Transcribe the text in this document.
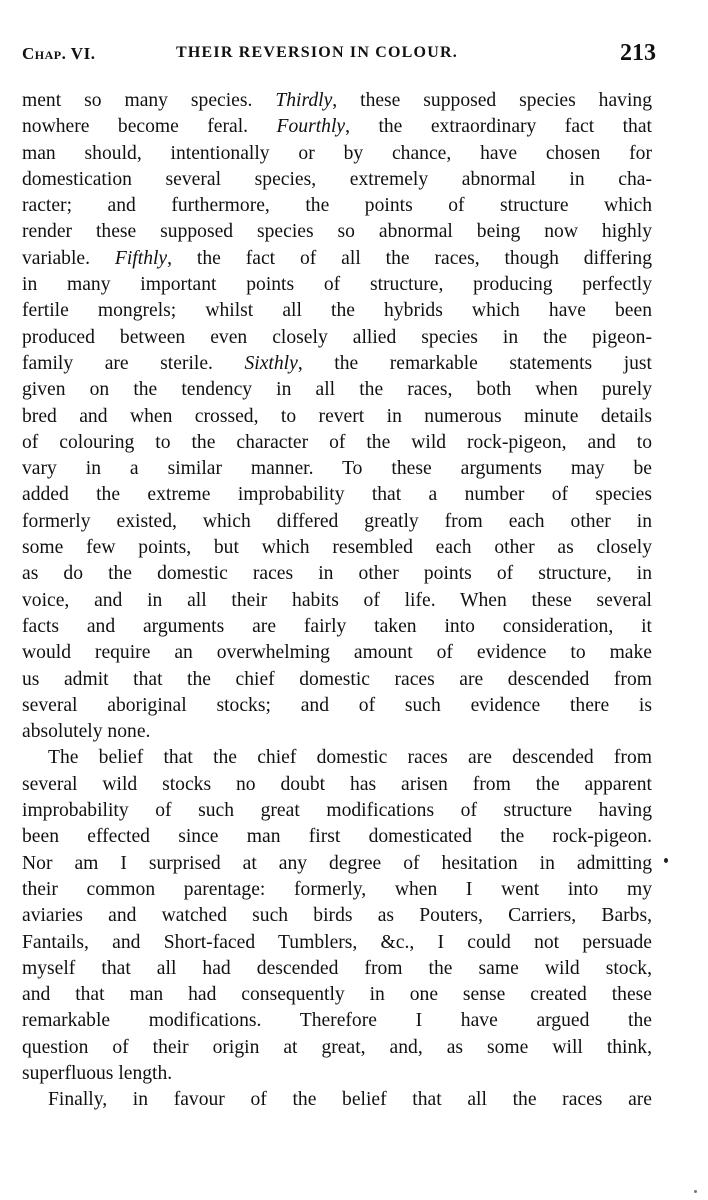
Chap. VI.	THEIR REVERSION IN COLOUR.	213
ment so many species. Thirdly, these supposed species having
nowhere become feral. Fourthly, the extraordinary fact that
man should, intentionally or by chance, have chosen for
domestication several species, extremely abnormal in cha-
racter; and furthermore, the points of structure which
render these supposed species so abnormal being now highly
variable. Fifthly, the fact of all the races, though differing
in many important points of structure, producing perfectly
fertile mongrels; whilst all the hybrids which have been
produced between even closely allied species in the pigeon-
family are sterile. Sixthly, the remarkable statements just
given on the tendency in all the races, both when purely
bred and when crossed, to revert in numerous minute details
of colouring to the character of the wild rock-pigeon, and to
vary in a similar manner. To these arguments may be
added the extreme improbability that a number of species
formerly existed, which differed greatly from each other in
some few points, but which resembled each other as closely
as do the domestic races in other points of structure, in
voice, and in all their habits of life. When these several
facts and arguments are fairly taken into consideration, it
would require an overwhelming amount of evidence to make
us admit that the chief domestic races are descended from
several aboriginal stocks; and of such evidence there is
absolutely none.
The belief that the chief domestic races are descended from
several wild stocks no doubt has arisen from the apparent
improbability of such great modifications of structure having
been effected since man first domesticated the rock-pigeon.
Nor am I surprised at any degree of hesitation in admitting
their common parentage: formerly, when I went into my
aviaries and watched such birds as Pouters, Carriers, Barbs,
Fantails, and Short-faced Tumblers, &c., I could not persuade
myself that all had descended from the same wild stock,
and that man had consequently in one sense created these
remarkable modifications. Therefore I have argued the
question of their origin at great, and, as some will think,
superfluous length.
Finally, in favour of the belief that all the races are
